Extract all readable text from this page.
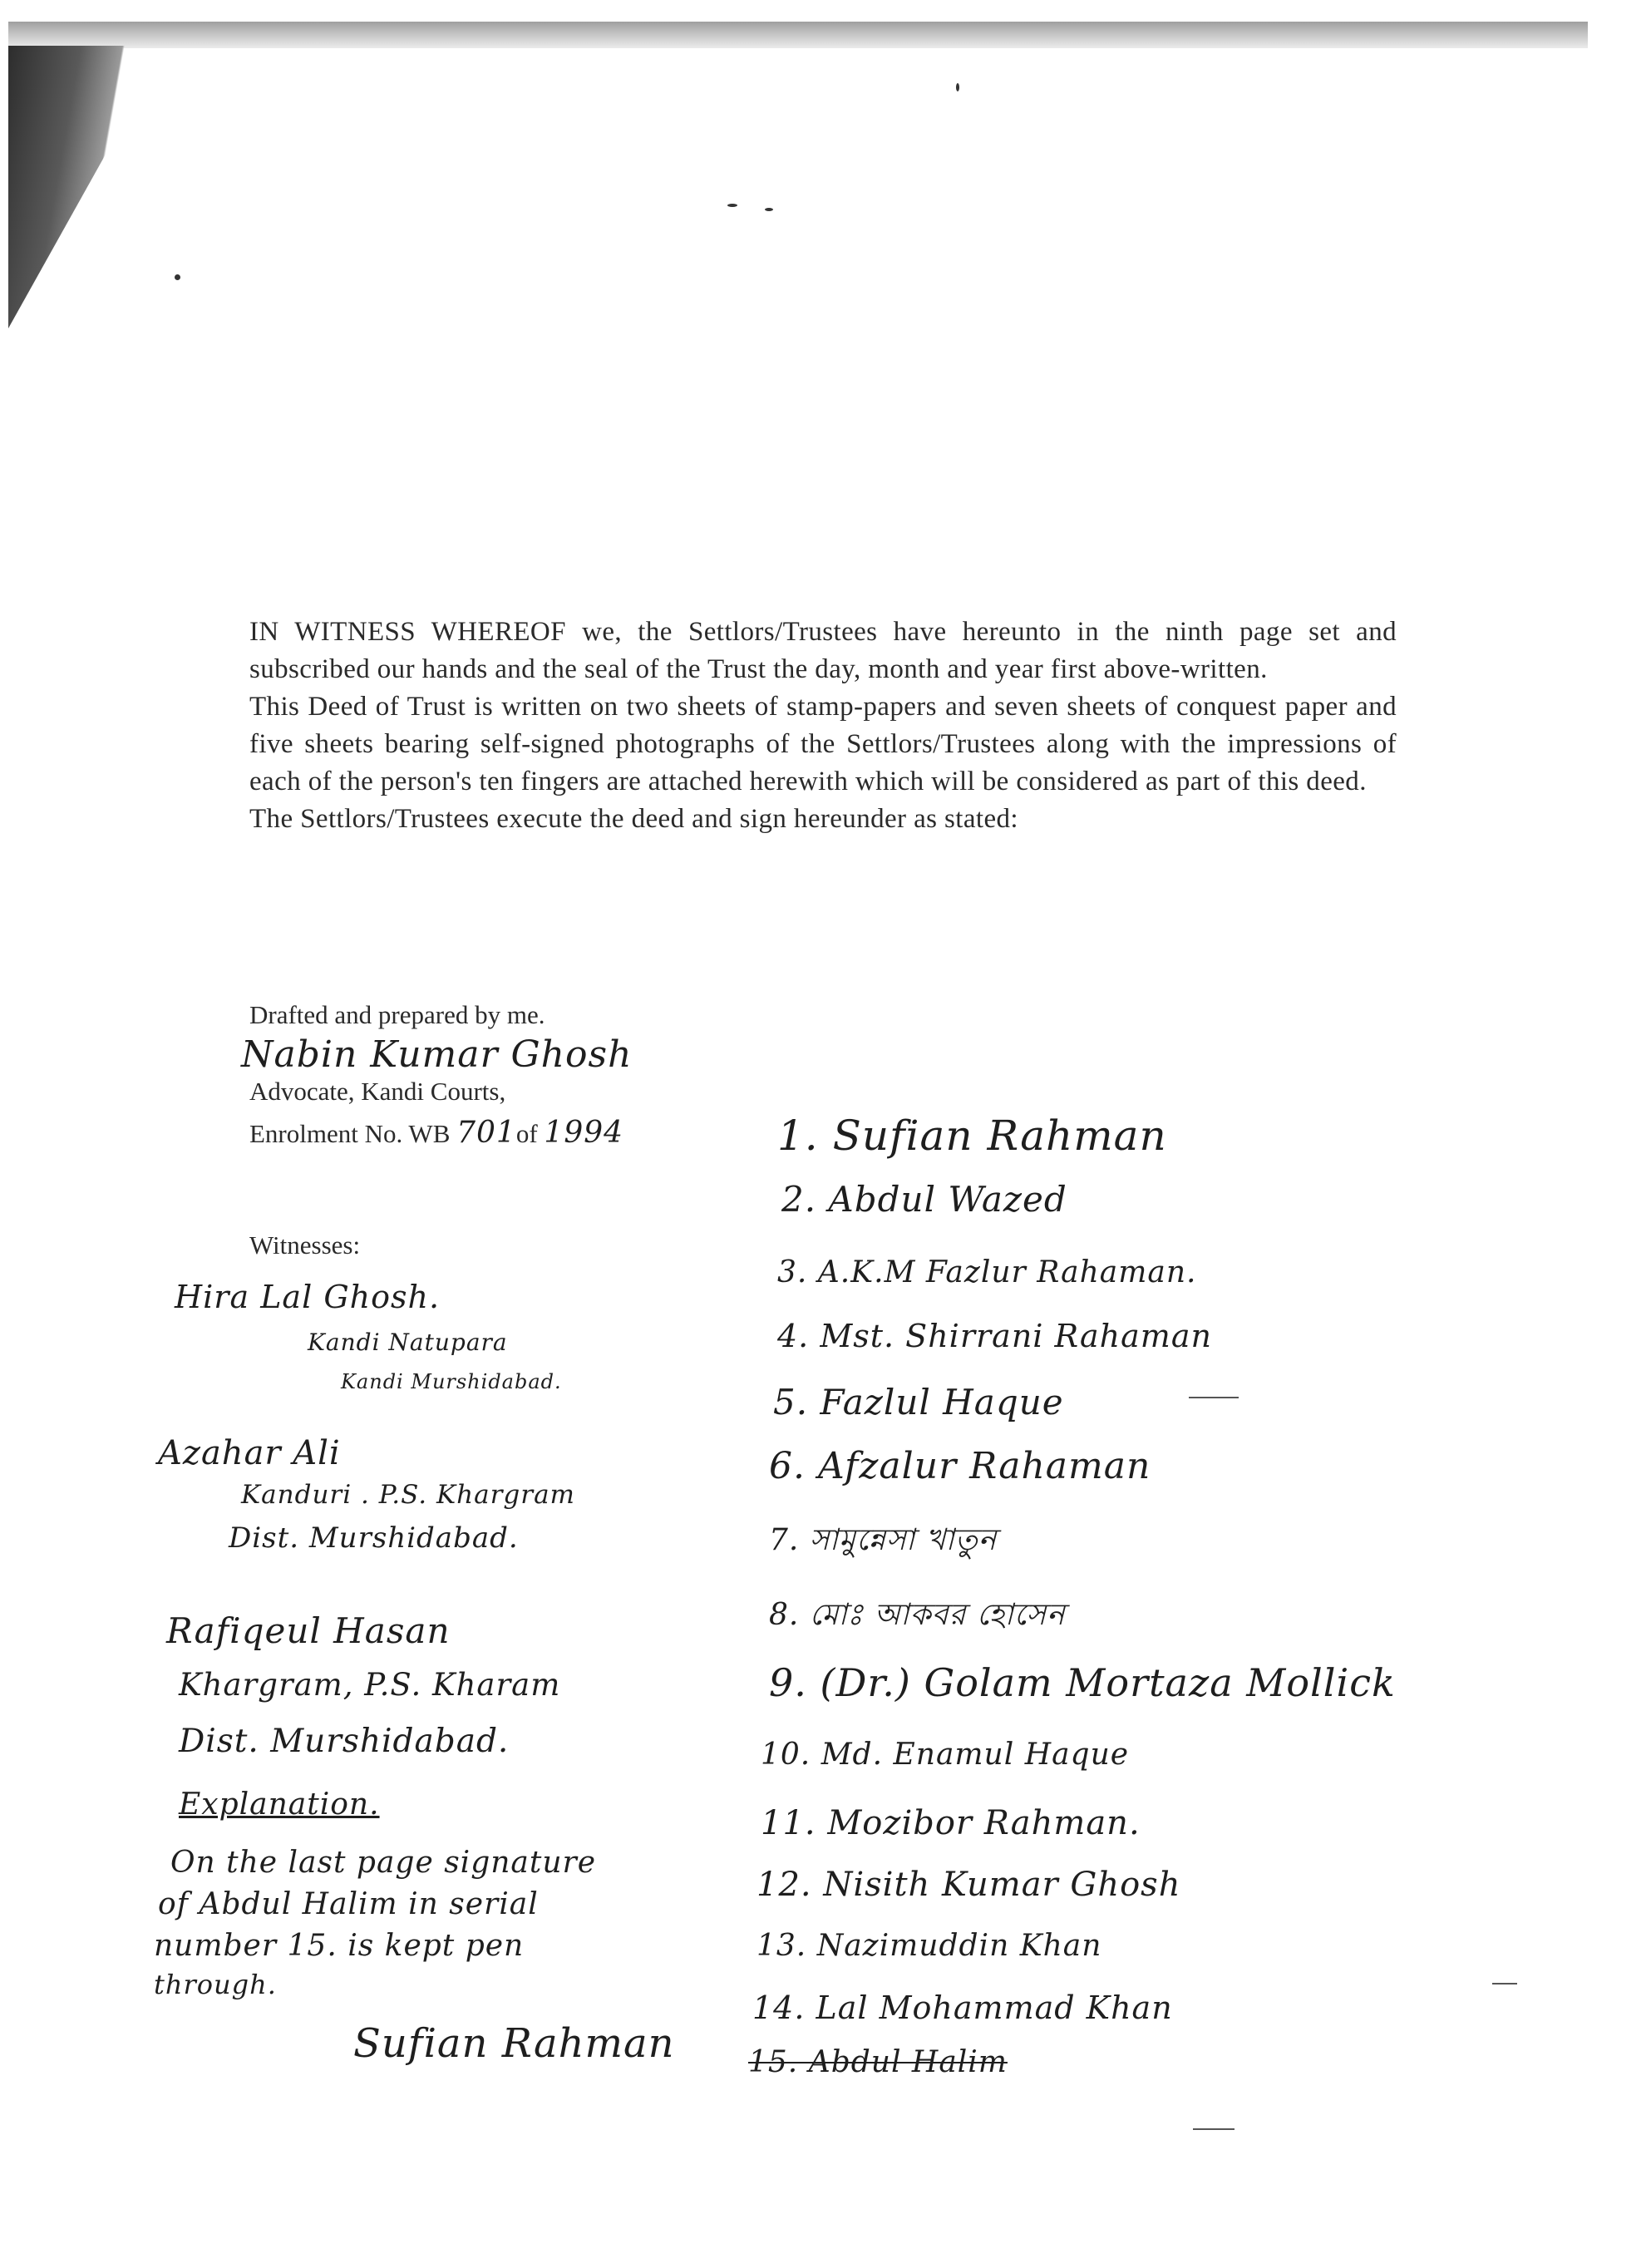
IN WITNESS WHEREOF we, the Settlors/Trustees have hereunto in the ninth page set and subscribed our hands and the seal of the Trust the day, month and year first above-written.

This Deed of Trust is written on two sheets of stamp-papers and seven sheets of conquest paper and five sheets bearing self-signed photographs of the Settlors/Trustees along with the impressions of each of the person's ten fingers are attached herewith which will be considered as part of this deed.

The Settlors/Trustees execute the deed and sign hereunder as stated:

Drafted and prepared by me.
Nabin Kumar Ghosh
Advocate, Kandi Courts,
Enrolment No. WB 701of 1994
Witnesses:
Hira Lal Ghosh.
Kandi Natupara
Kandi Murshidabad.
Azahar Ali
Kanduri . P.S. Khargram
Dist. Murshidabad.
Rafiqeul Hasan
Khargram, P.S. Kharam
Dist. Murshidabad.
Explanation.
On the last page signature
of Abdul Halim in serial
number 15. is kept pen
through.
Sufian Rahman
1. Sufian Rahman
2. Abdul Wazed
3. A.K.M Fazlur Rahaman.
4. Mst. Shirrani Rahaman
5. Fazlul Haque
6. Afzalur Rahaman
7. সামুন্নেসা খাতুন
8. মোঃ আকবর হোসেন
9. (Dr.) Golam Mortaza Mollick
10. Md. Enamul Haque
11. Mozibor Rahman.
12. Nisith Kumar Ghosh
13. Nazimuddin Khan
14. Lal Mohammad Khan
15. Abdul Halim
